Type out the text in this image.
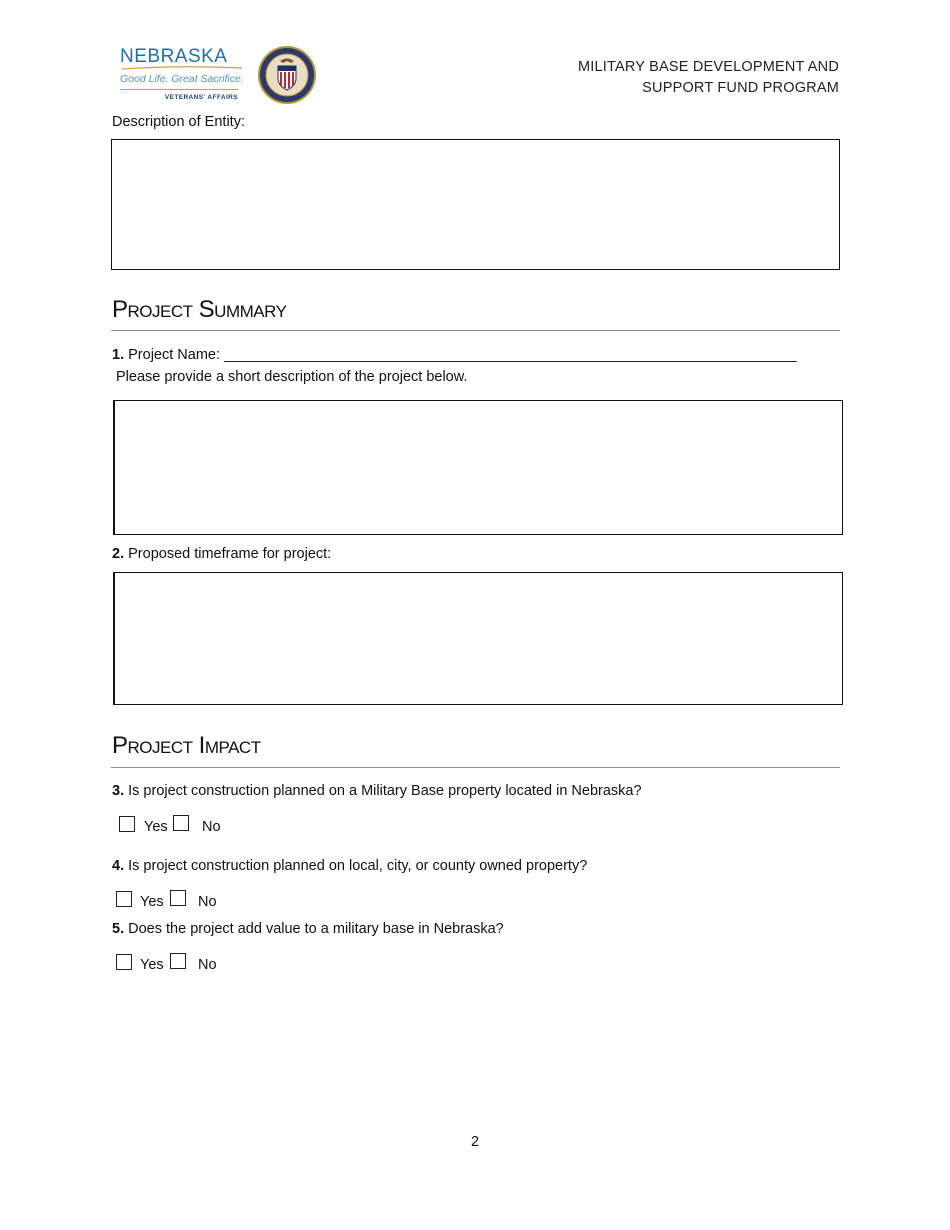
NEBRASKA
Good Life. Great Sacrifice.
VETERANS' AFFAIRS
MILITARY BASE DEVELOPMENT AND
SUPPORT FUND PROGRAM
Description of Entity:
Project Summary
1. Project Name: _______________________________________________________________________
Please provide a short description of the project below.
2. Proposed timeframe for project:
Project Impact
3. Is project construction planned on a Military Base property located in Nebraska?
Yes No
4. Is project construction planned on local, city, or county owned property?
Yes No
5. Does the project add value to a military base in Nebraska?
Yes No
2
